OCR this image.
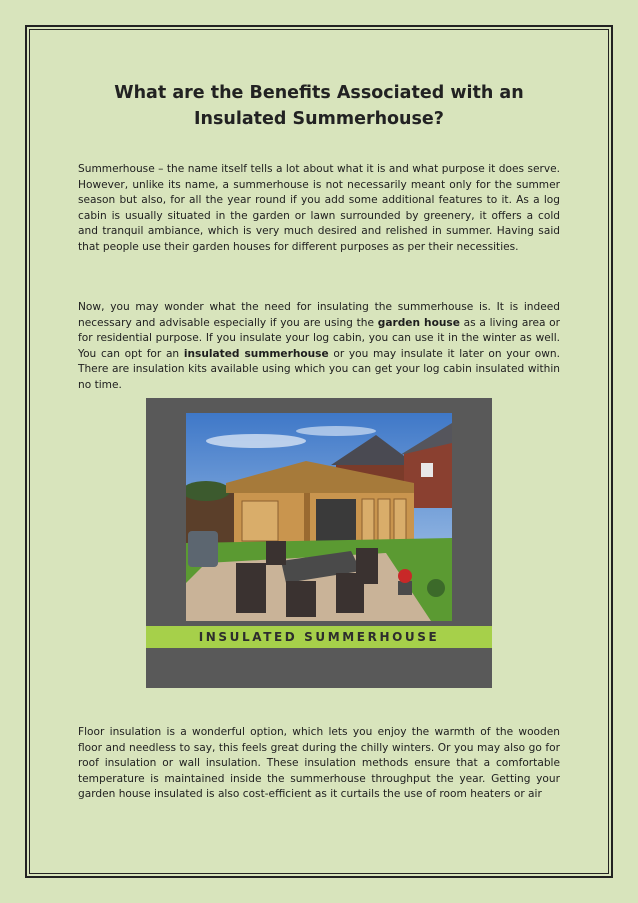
What are the Benefits Associated with an Insulated Summerhouse?

Summerhouse – the name itself tells a lot about what it is and what purpose it does serve. However, unlike its name, a summerhouse is not necessarily meant only for the summer season but also, for all the year round if you add some additional features to it. As a log cabin is usually situated in the garden or lawn surrounded by greenery, it offers a cold and tranquil ambiance, which is very much desired and relished in summer. Having said that people use their garden houses for different purposes as per their necessities.

Now, you may wonder what the need for insulating the summerhouse is. It is indeed necessary and advisable especially if you are using the garden house as a living area or for residential purpose. If you insulate your log cabin, you can use it in the winter as well. You can opt for an insulated summerhouse or you may insulate it later on your own. There are insulation kits available using which you can get your log cabin insulated within no time.

INSULATED SUMMERHOUSE

Floor insulation is a wonderful option, which lets you enjoy the warmth of the wooden floor and needless to say, this feels great during the chilly winters. Or you may also go for roof insulation or wall insulation. These insulation methods ensure that a comfortable temperature is maintained inside the summerhouse throughput the year. Getting your garden house insulated is also cost-efficient as it curtails the use of room heaters or air
